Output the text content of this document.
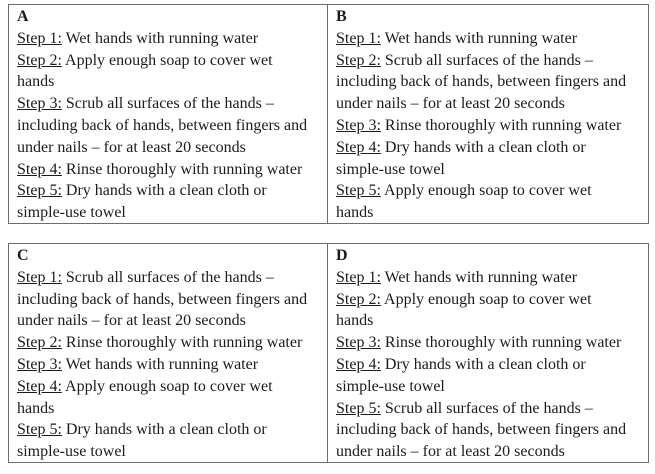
A
Step 1: Wet hands with running water
Step 2: Apply enough soap to cover wet hands
Step 3: Scrub all surfaces of the hands – including back of hands, between fingers and under nails – for at least 20 seconds
Step 4: Rinse thoroughly with running water
Step 5: Dry hands with a clean cloth or simple-use towel
B
Step 1: Wet hands with running water
Step 2: Scrub all surfaces of the hands – including back of hands, between fingers and under nails – for at least 20 seconds
Step 3: Rinse thoroughly with running water
Step 4: Dry hands with a clean cloth or simple-use towel
Step 5: Apply enough soap to cover wet hands
C
Step 1: Scrub all surfaces of the hands – including back of hands, between fingers and under nails – for at least 20 seconds
Step 2: Rinse thoroughly with running water
Step 3: Wet hands with running water
Step 4: Apply enough soap to cover wet hands
Step 5: Dry hands with a clean cloth or simple-use towel
D
Step 1: Wet hands with running water
Step 2: Apply enough soap to cover wet hands
Step 3: Rinse thoroughly with running water
Step 4: Dry hands with a clean cloth or simple-use towel
Step 5: Scrub all surfaces of the hands – including back of hands, between fingers and under nails – for at least 20 seconds
